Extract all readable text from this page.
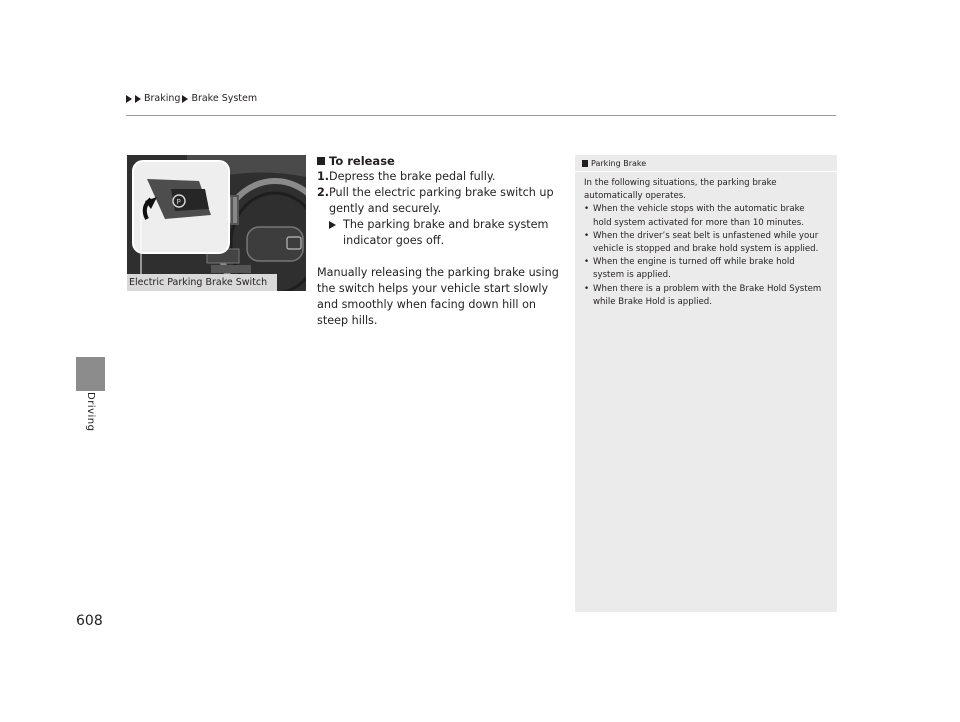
Braking Brake System
Driving
P
Electric Parking Brake Switch
To release
1. Depress the brake pedal fully.
2. Pull the electric parking brake switch up gently and securely.
The parking brake and brake system indicator goes off.
Manually releasing the parking brake using the switch helps your vehicle start slowly and smoothly when facing down hill on steep hills.
Parking Brake
In the following situations, the parking brake automatically operates.
• When the vehicle stops with the automatic brake hold system activated for more than 10 minutes.
• When the driver’s seat belt is unfastened while your vehicle is stopped and brake hold system is applied.
• When the engine is turned off while brake hold system is applied.
• When there is a problem with the Brake Hold System while Brake Hold is applied.
608
